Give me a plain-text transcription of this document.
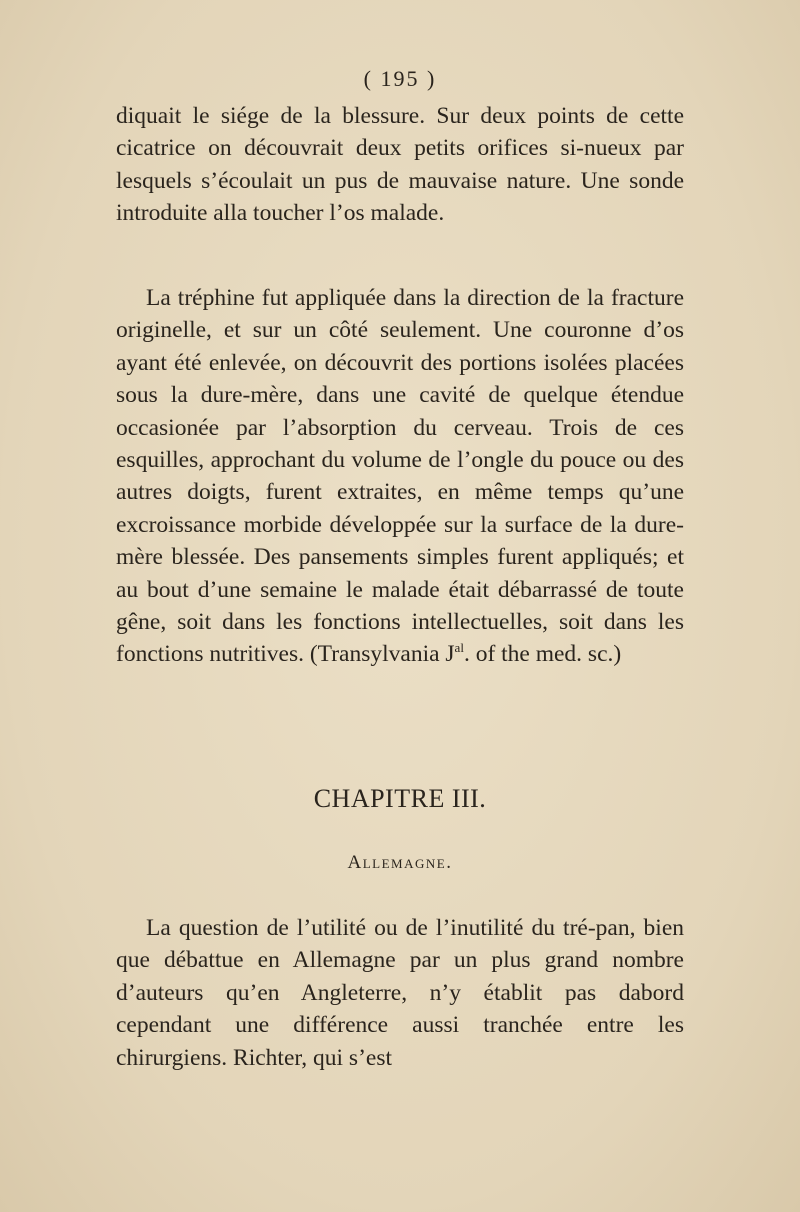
( 195 )

diquait le siége de la blessure. Sur deux points de cette cicatrice on découvrait deux petits orifices si-nueux par lesquels s’écoulait un pus de mauvaise nature. Une sonde introduite alla toucher l’os malade.

La tréphine fut appliquée dans la direction de la fracture originelle, et sur un côté seulement. Une couronne d’os ayant été enlevée, on découvrit des portions isolées placées sous la dure-mère, dans une cavité de quelque étendue occasionée par l’absorption du cerveau. Trois de ces esquilles, approchant du volume de l’ongle du pouce ou des autres doigts, furent extraites, en même temps qu’une excroissance morbide développée sur la surface de la dure-mère blessée. Des pansements simples furent appliqués; et au bout d’une semaine le malade était débarrassé de toute gêne, soit dans les fonctions intellectuelles, soit dans les fonctions nutritives. (Transylvania $J^{al}$. of the med. sc.)

CHAPITRE III.
Allemagne.

La question de l’utilité ou de l’inutilité du tré-pan, bien que débattue en Allemagne par un plus grand nombre d’auteurs qu’en Angleterre, n’y établit pas dabord cependant une différence aussi tranchée entre les chirurgiens. Richter, qui s’est
